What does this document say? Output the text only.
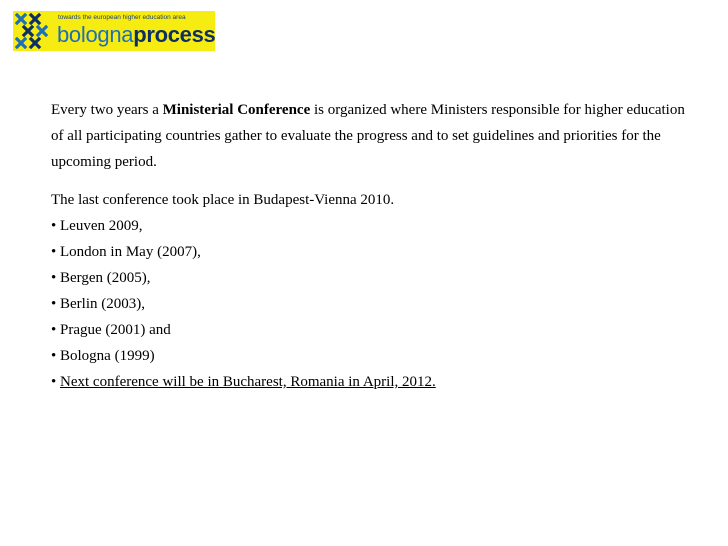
towards the european higher education area
bolognaprocess

Every two years a Ministerial Conference is organized where Ministers responsible for higher education of all participating countries gather to evaluate the progress and to set guidelines and priorities for the upcoming period.

The last conference took place in Budapest-Vienna 2010.
• Leuven 2009,
• London in May (2007),
• Bergen (2005),
• Berlin (2003),
• Prague (2001) and
• Bologna (1999)
• Next conference will be in Bucharest, Romania in April, 2012.
